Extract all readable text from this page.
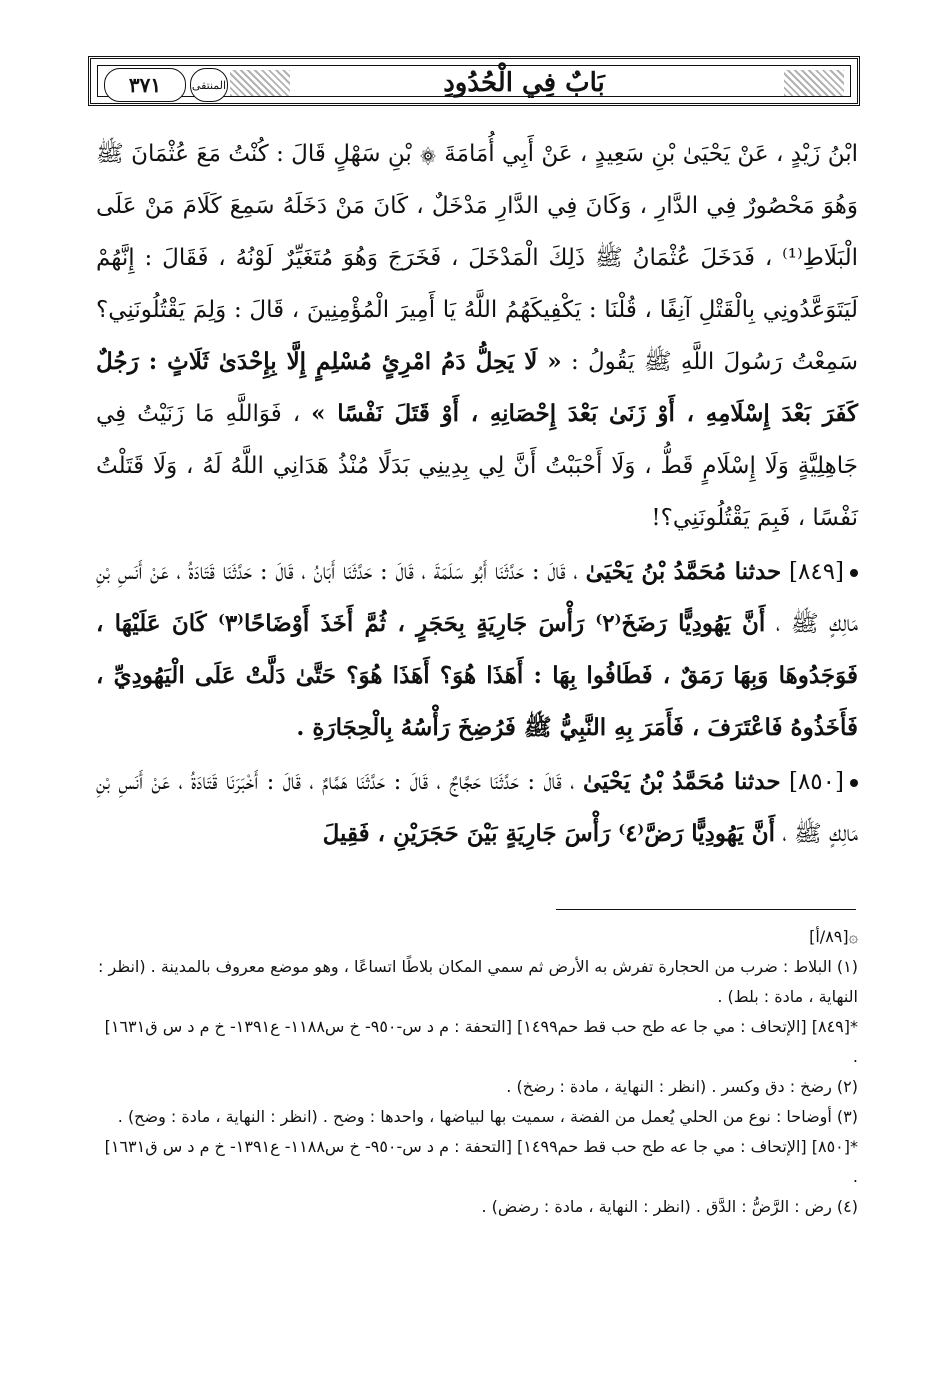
٣٧١	المنتقى	بَابٌ فِي الْحُدُودِ

ابْنُ زَيْدٍ ، عَنْ يَحْيَىٰ بْنِ سَعِيدٍ ، عَنْ أَبِي أُمَامَةَ ۞ بْنِ سَهْلٍ قَالَ : كُنْتُ مَعَ عُثْمَانَ ﷺ وَهُوَ مَحْصُورٌ فِي الدَّارِ ، وَكَانَ فِي الدَّارِ مَدْخَلٌ ، كَانَ مَنْ دَخَلَهُ سَمِعَ كَلَامَ مَنْ عَلَى الْبَلَاطِ⁽¹⁾ ، فَدَخَلَ عُثْمَانُ ﷺ ذَلِكَ الْمَدْخَلَ ، فَخَرَجَ وَهُوَ مُتَغَيِّرٌ لَوْنُهُ ، فَقَالَ : إِنَّهُمْ لَيَتَوَعَّدُونِي بِالْقَتْلِ آنِفًا ، قُلْنَا : يَكْفِيكَهُمُ اللَّهُ يَا أَمِيرَ الْمُؤْمِنِينَ ، قَالَ : وَلِمَ يَقْتُلُونَنِي؟ سَمِعْتُ رَسُولَ اللَّهِ ﷺ يَقُولُ : « لَا يَحِلُّ دَمُ امْرِئٍ مُسْلِمٍ إِلَّا بِإِحْدَىٰ ثَلَاثٍ : رَجُلٌ كَفَرَ بَعْدَ إِسْلَامِهِ ، أَوْ زَنَىٰ بَعْدَ إِحْصَانِهِ ، أَوْ قَتَلَ نَفْسًا » ، فَوَاللَّهِ مَا زَنَيْتُ فِي جَاهِلِيَّةٍ وَلَا إِسْلَامٍ قَطُّ ، وَلَا أَحْبَبْتُ أَنَّ لِي بِدِينِي بَدَلًا مُنْذُ هَدَانِي اللَّهُ لَهُ ، وَلَا قَتَلْتُ نَفْسًا ، فَبِمَ يَقْتُلُونَنِي؟!

[٨٤٩] حدثنا مُحَمَّدُ بْنُ يَحْيَىٰ ، قَالَ : حَدَّثَنَا أَبُو سَلَمَةَ ، قَالَ : حَدَّثَنَا أَبَانُ ، قَالَ : حَدَّثَنَا قَتَادَةُ ، عَنْ أَنَسِ بْنِ مَالِكٍ ﷺ ، أَنَّ يَهُودِيًّا رَضَخَ⁽٢⁾ رَأْسَ جَارِيَةٍ بِحَجَرٍ ، ثُمَّ أَخَذَ أَوْضَاحًا⁽٣⁾ كَانَ عَلَيْهَا ، فَوَجَدُوهَا وَبِهَا رَمَقٌ ، فَطَافُوا بِهَا : أَهَذَا هُوَ؟ أَهَذَا هُوَ؟ حَتَّىٰ دَلَّتْ عَلَى الْيَهُودِيِّ ، فَأَخَذُوهُ فَاعْتَرَفَ ، فَأَمَرَ بِهِ النَّبِيُّ ﷺ فَرُضِخَ رَأْسُهُ بِالْحِجَارَةِ .

[٨٥٠] حدثنا مُحَمَّدُ بْنُ يَحْيَىٰ ، قَالَ : حَدَّثَنَا حَجَّاجٌ ، قَالَ : حَدَّثَنَا هَمَّامٌ ، قَالَ : أَخْبَرَنَا قَتَادَةُ ، عَنْ أَنَسِ بْنِ مَالِكٍ ﷺ ، أَنَّ يَهُودِيًّا رَضَّ⁽٤⁾ رَأْسَ جَارِيَةٍ بَيْنَ حَجَرَيْنِ ، فَقِيلَ

۞[٨٩/أ]

(١) البلاط : ضرب من الحجارة تفرش به الأرض ثم سمي المكان بلاطًا اتساعًا ، وهو موضع معروف بالمدينة . (انظر : النهاية ، مادة : بلط) .

*[٨٤٩] [الإتحاف : مي جا عه طح حب قط حم١٤٩٩] [التحفة : م د س-٩٥٠- خ س١١٨٨- ع١٣٩١- خ م د س ق١٦٣١] .

(٢) رضخ : دق وكسر . (انظر : النهاية ، مادة : رضخ) .

(٣) أوضاحا : نوع من الحلي يُعمل من الفضة ، سميت بها لبياضها ، واحدها : وضح . (انظر : النهاية ، مادة : وضح) .

*[٨٥٠] [الإتحاف : مي جا عه طح حب قط حم١٤٩٩] [التحفة : م د س-٩٥٠- خ س١١٨٨- ع١٣٩١- خ م د س ق١٦٣١] .

(٤) رض : الرَّضُّ : الدَّق . (انظر : النهاية ، مادة : رضض) .
